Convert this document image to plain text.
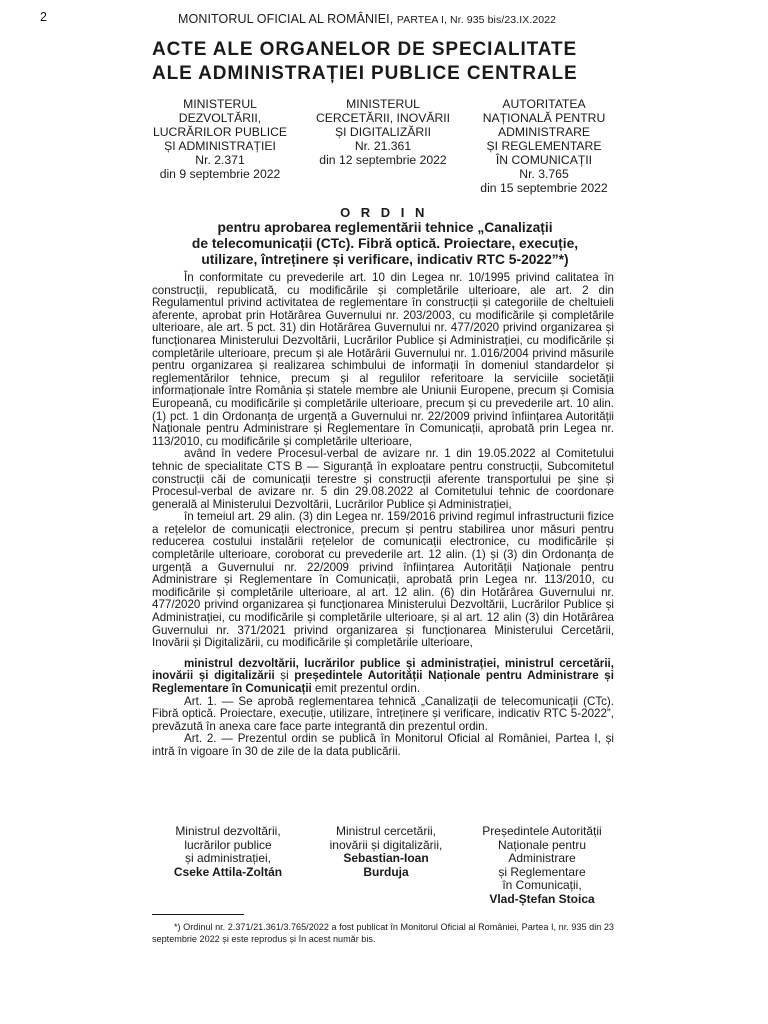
2	MONITORUL OFICIAL AL ROMÂNIEI, PARTEA I, Nr. 935 bis/23.IX.2022
ACTE ALE ORGANELOR DE SPECIALITATE
ALE ADMINISTRAȚIEI PUBLICE CENTRALE
MINISTERUL
DEZVOLTĂRII,
LUCRĂRILOR PUBLICE
ȘI ADMINISTRAȚIEI
Nr. 2.371
din 9 septembrie 2022
MINISTERUL
CERCETĂRII, INOVĂRII
ȘI DIGITALIZĂRII
Nr. 21.361
din 12 septembrie 2022
AUTORITATEA
NAȚIONALĂ PENTRU
ADMINISTRARE
ȘI REGLEMENTARE
ÎN COMUNICAȚII
Nr. 3.765
din 15 septembrie 2022
O R D I N
pentru aprobarea reglementării tehnice „Canalizații
de telecomunicații (CTc). Fibră optică. Proiectare, execuție,
utilizare, întreținere și verificare, indicativ RTC 5-2022”*)

În conformitate cu prevederile art. 10 din Legea nr. 10/1995 privind calitatea în construcții, republicată, cu modificările și completările ulterioare, ale art. 2 din Regulamentul privind activitatea de reglementare în construcții și categoriile de cheltuieli aferente, aprobat prin Hotărârea Guvernului nr. 203/2003, cu modificările și completările ulterioare, ale art. 5 pct. 31) din Hotărârea Guvernului nr. 477/2020 privind organizarea și funcționarea Ministerului Dezvoltării, Lucrărilor Publice și Administrației, cu modificările și completările ulterioare, precum și ale Hotărârii Guvernului nr. 1.016/2004 privind măsurile pentru organizarea și realizarea schimbului de informații în domeniul standardelor și reglementărilor tehnice, precum și al regulilor referitoare la serviciile societății informaționale între România și statele membre ale Uniunii Europene, precum și Comisia Europeană, cu modificările și completările ulterioare, precum și cu prevederile art. 10 alin. (1) pct. 1 din Ordonanța de urgență a Guvernului nr. 22/2009 privind înființarea Autorității Naționale pentru Administrare și Reglementare în Comunicații, aprobată prin Legea nr. 113/2010, cu modificările și completările ulterioare,

având în vedere Procesul-verbal de avizare nr. 1 din 19.05.2022 al Comitetului tehnic de specialitate CTS B — Siguranță în exploatare pentru construcții, Subcomitetul construcții căi de comunicații terestre și construcții aferente transportului pe șine și Procesul-verbal de avizare nr. 5 din 29.08.2022 al Comitetului tehnic de coordonare generală al Ministerului Dezvoltării, Lucrărilor Publice și Administrației,

în temeiul art. 29 alin. (3) din Legea nr. 159/2016 privind regimul infrastructurii fizice a rețelelor de comunicații electronice, precum și pentru stabilirea unor măsuri pentru reducerea costului instalării rețelelor de comunicații electronice, cu modificările și completările ulterioare, coroborat cu prevederile art. 12 alin. (1) și (3) din Ordonanța de urgență a Guvernului nr. 22/2009 privind înființarea Autorității Naționale pentru Administrare și Reglementare în Comunicații, aprobată prin Legea nr. 113/2010, cu modificările și completările ulterioare, al art. 12 alin. (6) din Hotărârea Guvernului nr. 477/2020 privind organizarea și funcționarea Ministerului Dezvoltării, Lucrărilor Publice și Administrației, cu modificările și completările ulterioare, și al art. 12 alin (3) din Hotărârea Guvernului nr. 371/2021 privind organizarea și funcționarea Ministerului Cercetării, Inovării și Digitalizării, cu modificările și completările ulterioare,

ministrul dezvoltării, lucrărilor publice și administrației, ministrul cercetării, inovării și digitalizării și președintele Autorității Naționale pentru Administrare și Reglementare în Comunicații emit prezentul ordin.

Art. 1. — Se aprobă reglementarea tehnică „Canalizații de telecomunicații (CTc). Fibră optică. Proiectare, execuție, utilizare, întreținere și verificare, indicativ RTC 5-2022”, prevăzută în anexa care face parte integrantă din prezentul ordin.

Art. 2. — Prezentul ordin se publică în Monitorul Oficial al României, Partea I, și intră în vigoare în 30 de zile de la data publicării.

Ministrul dezvoltării,
lucrărilor publice
și administrației,
Cseke Attila-Zoltán
Ministrul cercetării,
inovării și digitalizării,
Sebastian-Ioan
Burduja
Președintele Autorității
Naționale pentru
Administrare
și Reglementare
în Comunicații,
Vlad-Ștefan Stoica
*) Ordinul nr. 2.371/21.361/3.765/2022 a fost publicat în Monitorul Oficial al României, Partea I, nr. 935 din 23 septembrie 2022 și este reprodus și în acest număr bis.
